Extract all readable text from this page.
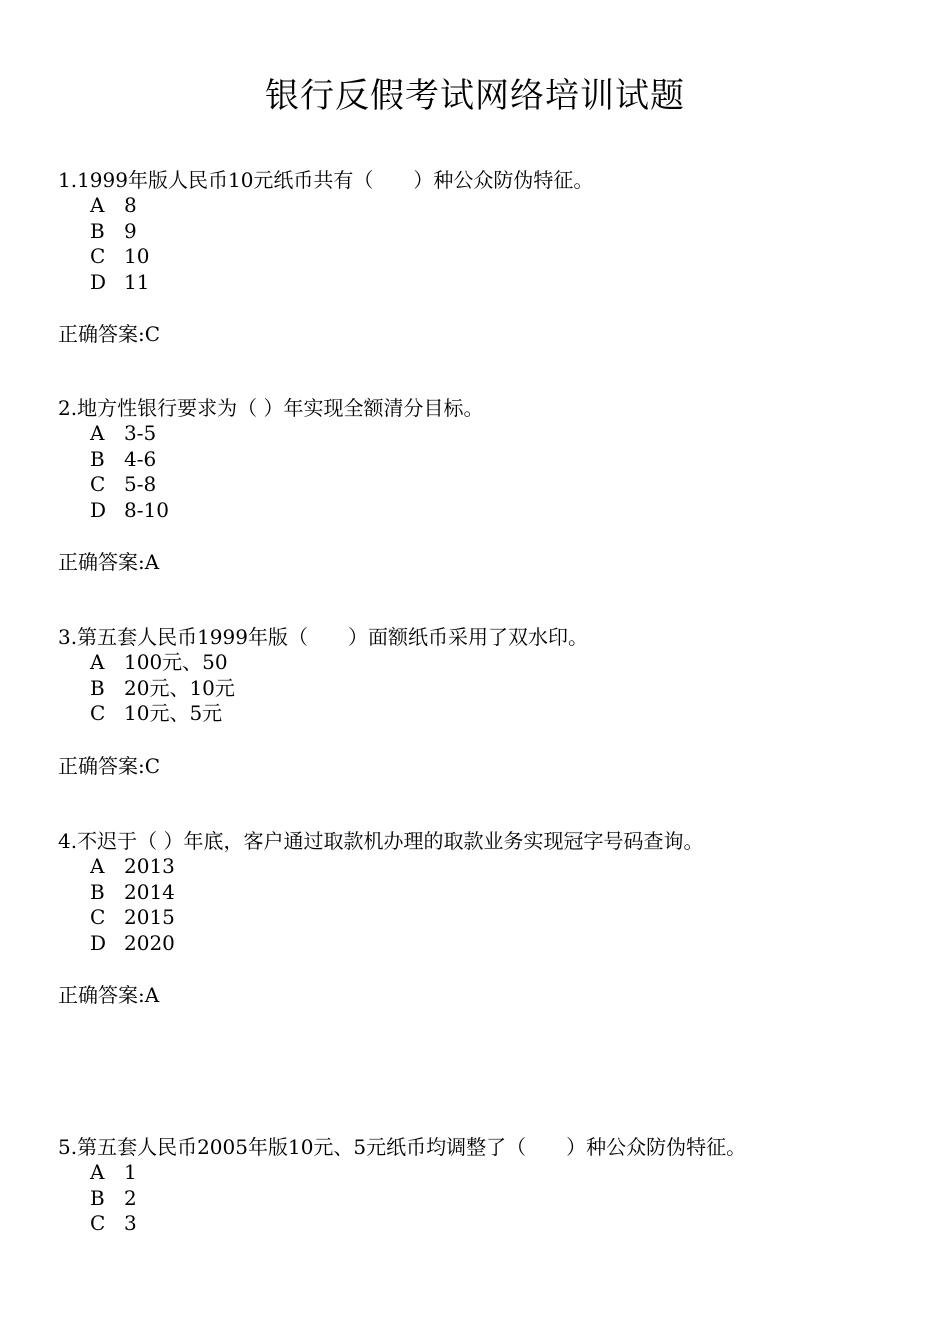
银行反假考试网络培训试题
1.1999年版人民币10元纸币共有（　　）种公众防伪特征。
A 8
B 9
C 10
D 11
正确答案:C
2.地方性银行要求为（ ）年实现全额清分目标。
A 3-5
B 4-6
C 5-8
D 8-10
正确答案:A
3.第五套人民币1999年版（　　）面额纸币采用了双水印。
A 100元、50
B 20元、10元
C 10元、5元
正确答案:C
4.不迟于（ ）年底，客户通过取款机办理的取款业务实现冠字号码查询。
A 2013
B 2014
C 2015
D 2020
正确答案:A
5.第五套人民币2005年版10元、5元纸币均调整了（　　）种公众防伪特征。
A 1
B 2
C 3
